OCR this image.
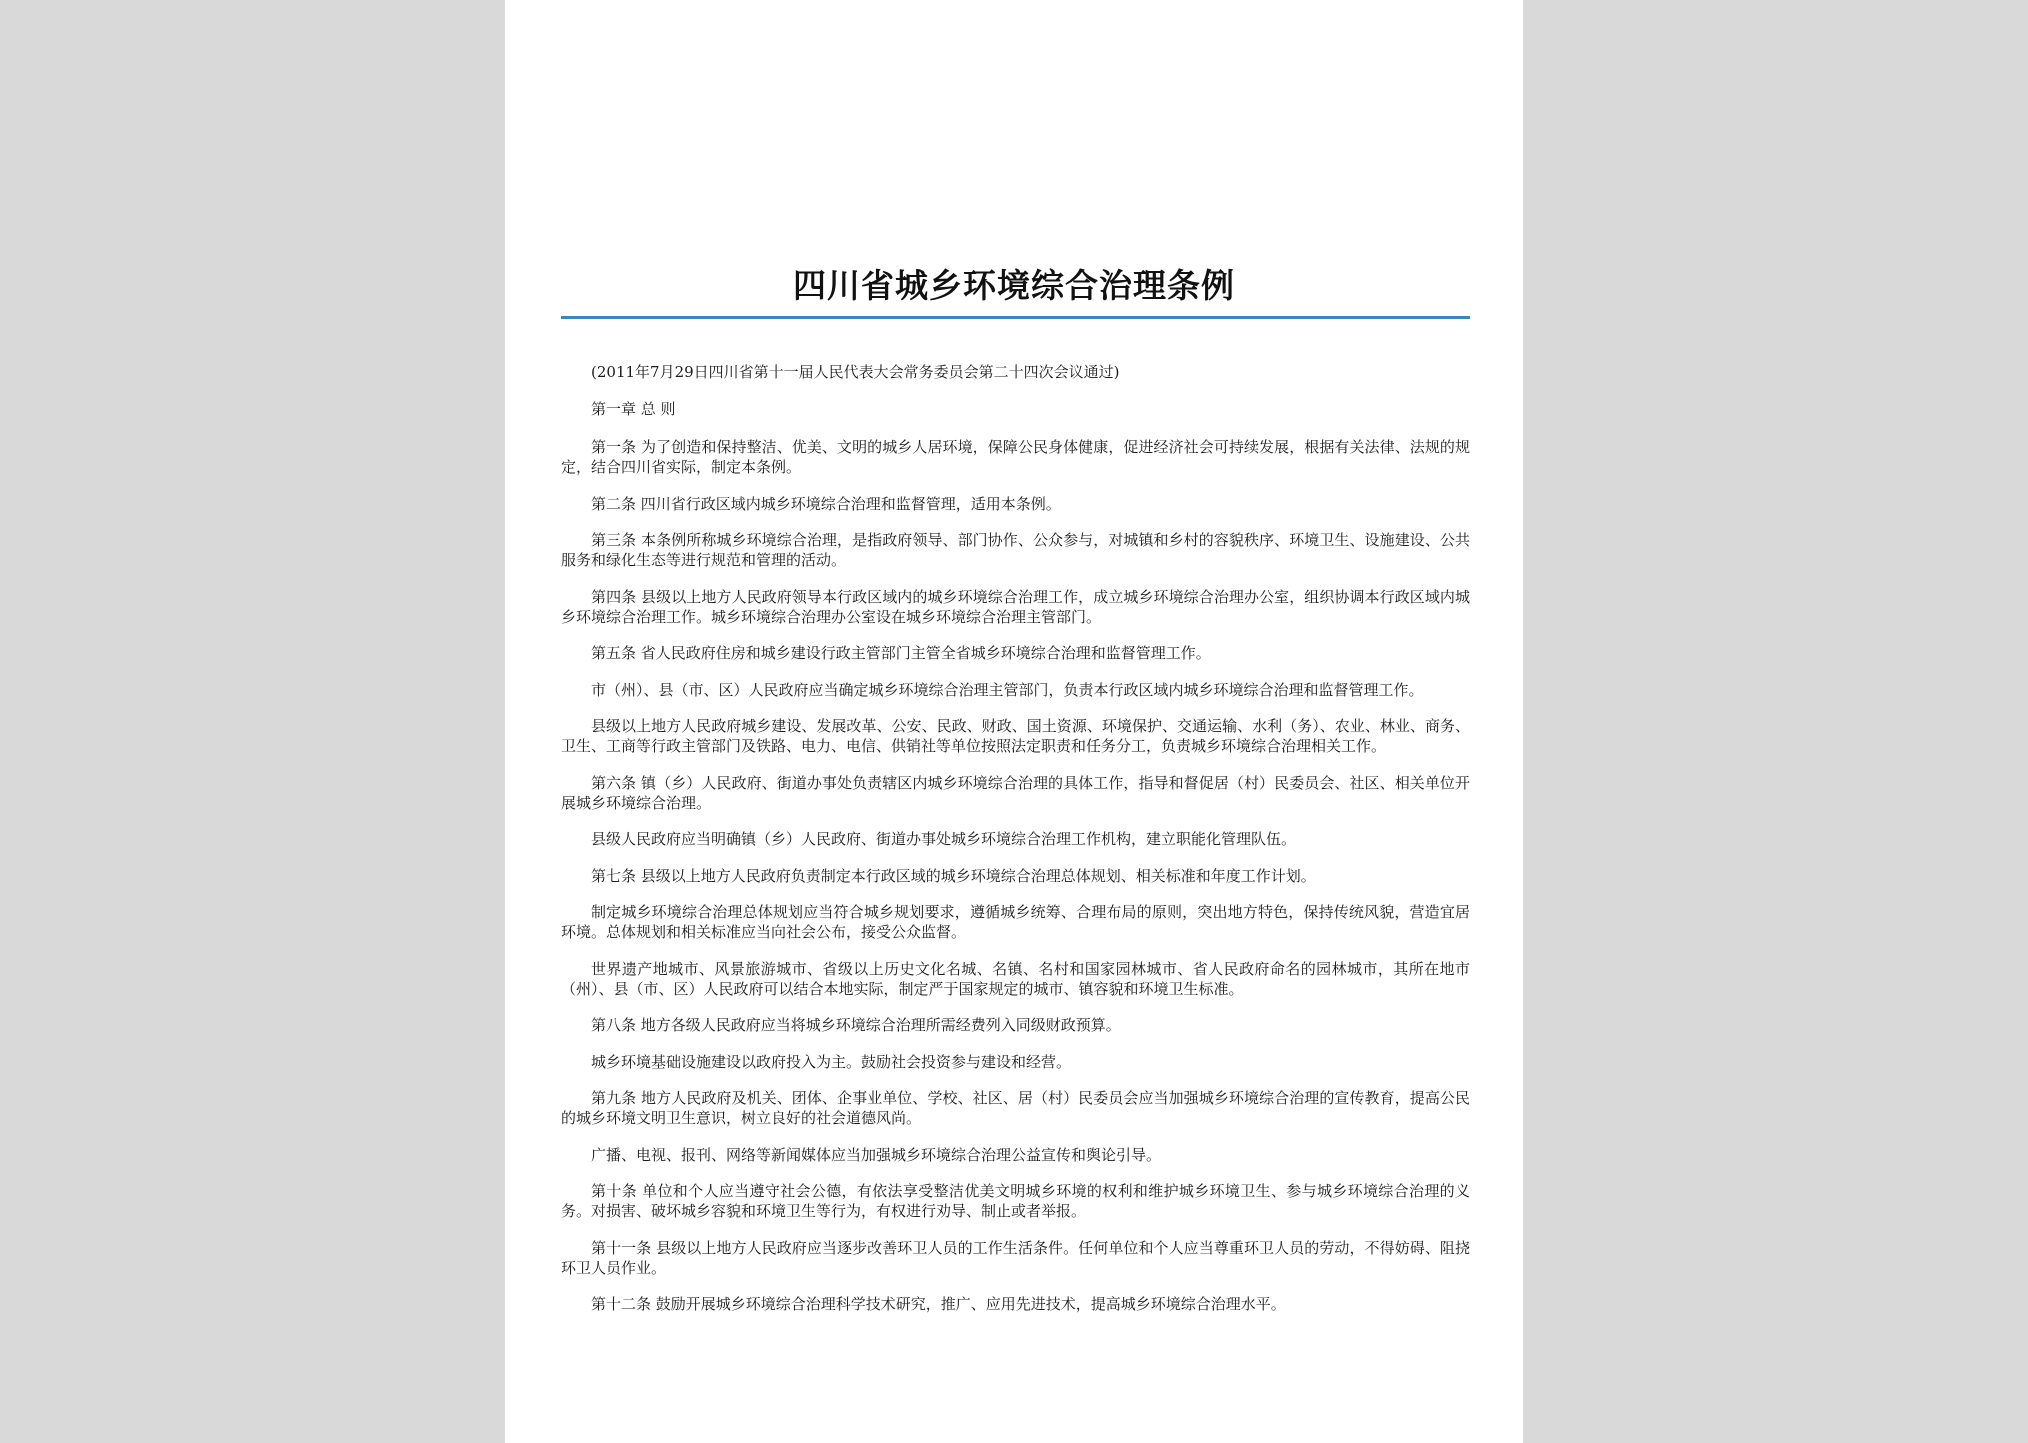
四川省城乡环境综合治理条例

(2011年7月29日四川省第十一届人民代表大会常务委员会第二十四次会议通过)

第一章 总 则

第一条 为了创造和保持整洁、优美、文明的城乡人居环境，保障公民身体健康，促进经济社会可持续发展，根据有关法律、法规的规定，结合四川省实际，制定本条例。

第二条 四川省行政区域内城乡环境综合治理和监督管理，适用本条例。

第三条 本条例所称城乡环境综合治理，是指政府领导、部门协作、公众参与，对城镇和乡村的容貌秩序、环境卫生、设施建设、公共服务和绿化生态等进行规范和管理的活动。

第四条 县级以上地方人民政府领导本行政区域内的城乡环境综合治理工作，成立城乡环境综合治理办公室，组织协调本行政区域内城乡环境综合治理工作。城乡环境综合治理办公室设在城乡环境综合治理主管部门。

第五条 省人民政府住房和城乡建设行政主管部门主管全省城乡环境综合治理和监督管理工作。

市（州）、县（市、区）人民政府应当确定城乡环境综合治理主管部门，负责本行政区域内城乡环境综合治理和监督管理工作。

县级以上地方人民政府城乡建设、发展改革、公安、民政、财政、国土资源、环境保护、交通运输、水利（务）、农业、林业、商务、卫生、工商等行政主管部门及铁路、电力、电信、供销社等单位按照法定职责和任务分工，负责城乡环境综合治理相关工作。

第六条 镇（乡）人民政府、街道办事处负责辖区内城乡环境综合治理的具体工作，指导和督促居（村）民委员会、社区、相关单位开展城乡环境综合治理。

县级人民政府应当明确镇（乡）人民政府、街道办事处城乡环境综合治理工作机构，建立职能化管理队伍。

第七条 县级以上地方人民政府负责制定本行政区域的城乡环境综合治理总体规划、相关标准和年度工作计划。

制定城乡环境综合治理总体规划应当符合城乡规划要求，遵循城乡统筹、合理布局的原则，突出地方特色，保持传统风貌，营造宜居环境。总体规划和相关标准应当向社会公布，接受公众监督。

世界遗产地城市、风景旅游城市、省级以上历史文化名城、名镇、名村和国家园林城市、省人民政府命名的园林城市，其所在地市（州）、县（市、区）人民政府可以结合本地实际，制定严于国家规定的城市、镇容貌和环境卫生标准。

第八条 地方各级人民政府应当将城乡环境综合治理所需经费列入同级财政预算。

城乡环境基础设施建设以政府投入为主。鼓励社会投资参与建设和经营。

第九条 地方人民政府及机关、团体、企事业单位、学校、社区、居（村）民委员会应当加强城乡环境综合治理的宣传教育，提高公民的城乡环境文明卫生意识，树立良好的社会道德风尚。

广播、电视、报刊、网络等新闻媒体应当加强城乡环境综合治理公益宣传和舆论引导。

第十条 单位和个人应当遵守社会公德，有依法享受整洁优美文明城乡环境的权利和维护城乡环境卫生、参与城乡环境综合治理的义务。对损害、破坏城乡容貌和环境卫生等行为，有权进行劝导、制止或者举报。

第十一条 县级以上地方人民政府应当逐步改善环卫人员的工作生活条件。任何单位和个人应当尊重环卫人员的劳动，不得妨碍、阻挠环卫人员作业。

第十二条 鼓励开展城乡环境综合治理科学技术研究，推广、应用先进技术，提高城乡环境综合治理水平。
